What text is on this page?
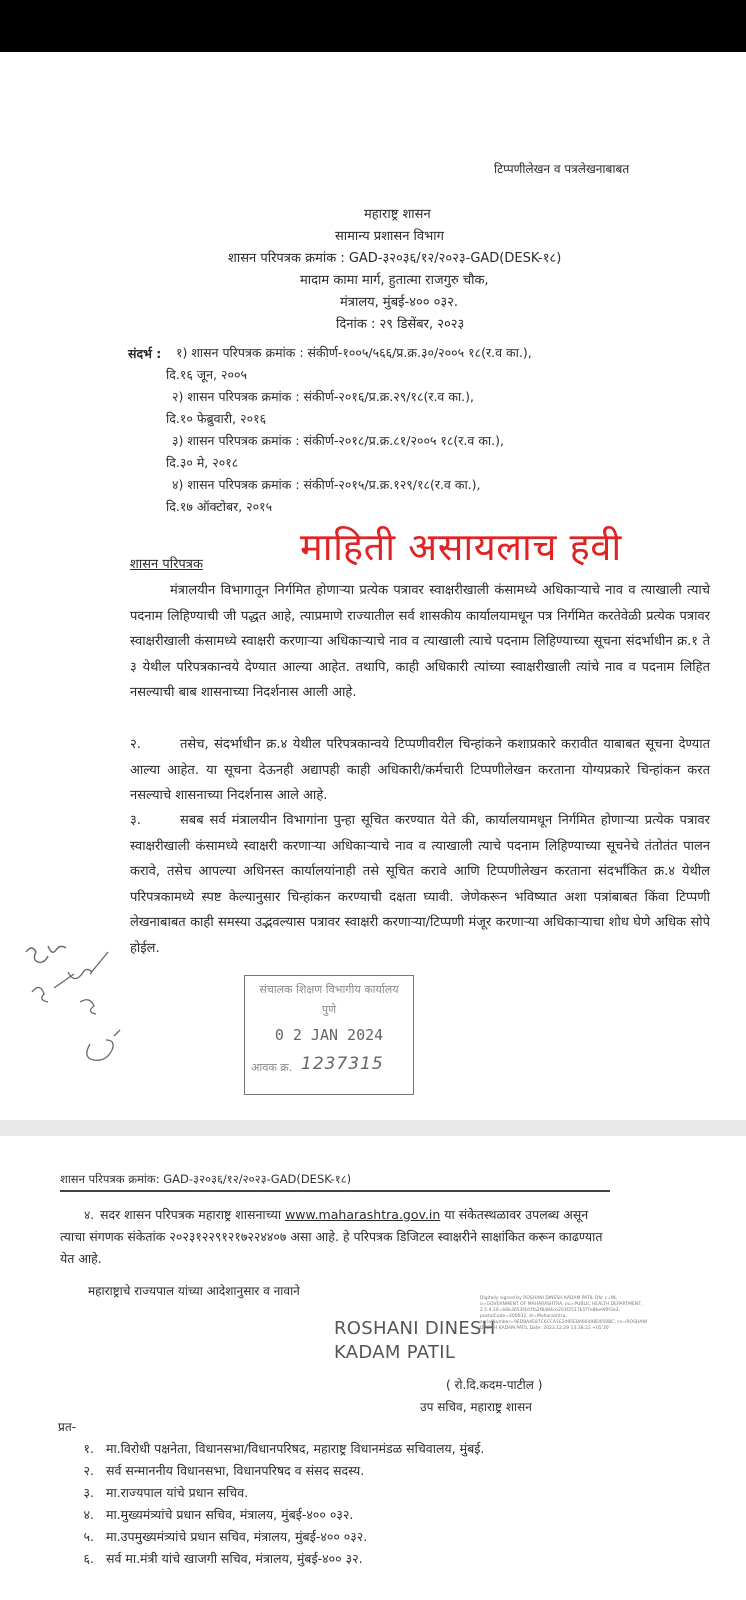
टिप्पणीलेखन व पत्रलेखनाबाबत
महाराष्ट्र शासन
सामान्य प्रशासन विभाग
शासन परिपत्रक क्रमांक : GAD-३२०३६/१२/२०२३-GAD(DESK-१८)
मादाम कामा मार्ग, हुतात्मा राजगुरु चौक,
मंत्रालय, मुंबई-४०० ०३२.
दिनांक : २९ डिसेंबर, २०२३
संदर्भ : १) शासन परिपत्रक क्रमांक : संकीर्ण-१००५/५६६/प्र.क्र.३०/२००५ १८(र.व का.),
दि.१६ जून, २००५
२) शासन परिपत्रक क्रमांक : संकीर्ण-२०१६/प्र.क्र.२९/१८(र.व का.),
दि.१० फेब्रुवारी, २०१६
३) शासन परिपत्रक क्रमांक : संकीर्ण-२०१८/प्र.क्र.८१/२००५ १८(र.व का.),
दि.३० मे, २०१८
४) शासन परिपत्रक क्रमांक : संकीर्ण-२०१५/प्र.क्र.१२९/१८(र.व का.),
दि.१७ ऑक्टोबर, २०१५
माहिती असायलाच हवी
शासन परिपत्रक
मंत्रालयीन विभागातून निर्गमित होणाऱ्या प्रत्येक पत्रावर स्वाक्षरीखाली कंसामध्ये अधिकाऱ्याचे नाव व त्याखाली त्याचे पदनाम लिहिण्याची जी पद्धत आहे, त्याप्रमाणे राज्यातील सर्व शासकीय कार्यालयामधून पत्र निर्गमित करतेवेळी प्रत्येक पत्रावर स्वाक्षरीखाली कंसामध्ये स्वाक्षरी करणाऱ्या अधिकाऱ्याचे नाव व त्याखाली त्याचे पदनाम लिहिण्याच्या सूचना संदर्भाधीन क्र.१ ते ३ येथील परिपत्रकान्वये देण्यात आल्या आहेत. तथापि, काही अधिकारी त्यांच्या स्वाक्षरीखाली त्यांचे नाव व पदनाम लिहित नसल्याची बाब शासनाच्या निदर्शनास आली आहे.
२.	तसेच, संदर्भाधीन क्र.४ येथील परिपत्रकान्वये टिप्पणीवरील चिन्हांकने कशाप्रकारे करावीत याबाबत सूचना देण्यात आल्या आहेत. या सूचना देऊनही अद्यापही काही अधिकारी/कर्मचारी टिप्पणीलेखन करताना योग्यप्रकारे चिन्हांकन करत नसल्याचे शासनाच्या निदर्शनास आले आहे.
३.	सबब सर्व मंत्रालयीन विभागांना पुन्हा सूचित करण्यात येते की, कार्यालयामधून निर्गमित होणाऱ्या प्रत्येक पत्रावर स्वाक्षरीखाली कंसामध्ये स्वाक्षरी करणाऱ्या अधिकाऱ्याचे नाव व त्याखाली त्याचे पदनाम लिहिण्याच्या सूचनेचे तंतोतंत पालन करावे, तसेच आपल्या अधिनस्त कार्यालयांनाही तसे सूचित करावे आणि टिप्पणीलेखन करताना संदर्भांकित क्र.४ येथील परिपत्रकामध्ये स्पष्ट केल्यानुसार चिन्हांकन करण्याची दक्षता घ्यावी. जेणेकरून भविष्यात अशा पत्रांबाबत किंवा टिप्पणी लेखनाबाबत काही समस्या उद्भवल्यास पत्रावर स्वाक्षरी करणाऱ्या/टिप्पणी मंजूर करणाऱ्या अधिकाऱ्याचा शोध घेणे अधिक सोपे होईल.
संचालक शिक्षण विभागीय कार्यालय
पुणे
0 2 JAN 2024
आवक क्र. 1237315
शासन परिपत्रक क्रमांक: GAD-३२०३६/१२/२०२३-GAD(DESK-१८)
४. सदर शासन परिपत्रक महाराष्ट्र शासनाच्या www.maharashtra.gov.in या संकेतस्थळावर उपलब्ध असून त्याचा संगणक संकेतांक २०२३१२२९१२१७२२४४०७ असा आहे. हे परिपत्रक डिजिटल स्वाक्षरीने साक्षांकित करून काढण्यात येत आहे.
महाराष्ट्राचे राज्यपाल यांच्या आदेशानुसार व नावाने
ROSHANI DINESH
KADAM PATIL
Digitally signed by ROSHANI DINESH KADAM PATIL DN: c=IN, o=GOVERNMENT OF MAHARASHTRA, ou=PUBLIC HEALTH DEPARTMENT, 2.5.4.20=b6b3653f4d7fa2f8484ce203f2517b1f7e8be9f0f3a3, postalCode=400032, st=Maharashtra, serialNumber=9ED8A4E87C6CCA1E2495E8A66498D050BC, cn=ROSHANI DINESH KADAM PATIL Date: 2023.12.29 13:38:22 +05'30'
( रो.दि.कदम-पाटील )
उप सचिव, महाराष्ट्र शासन
प्रत-
१. मा.विरोधी पक्षनेता, विधानसभा/विधानपरिषद, महाराष्ट्र विधानमंडळ सचिवालय, मुंबई.
२. सर्व सन्माननीय विधानसभा, विधानपरिषद व संसद सदस्य.
३. मा.राज्यपाल यांचे प्रधान सचिव.
४. मा.मुख्यमंत्र्यांचे प्रधान सचिव, मंत्रालय, मुंबई-४०० ०३२.
५. मा.उपमुख्यमंत्र्यांचे प्रधान सचिव, मंत्रालय, मुंबई-४०० ०३२.
६. सर्व मा.मंत्री यांचे खाजगी सचिव, मंत्रालय, मुंबई-४०० ३२.
